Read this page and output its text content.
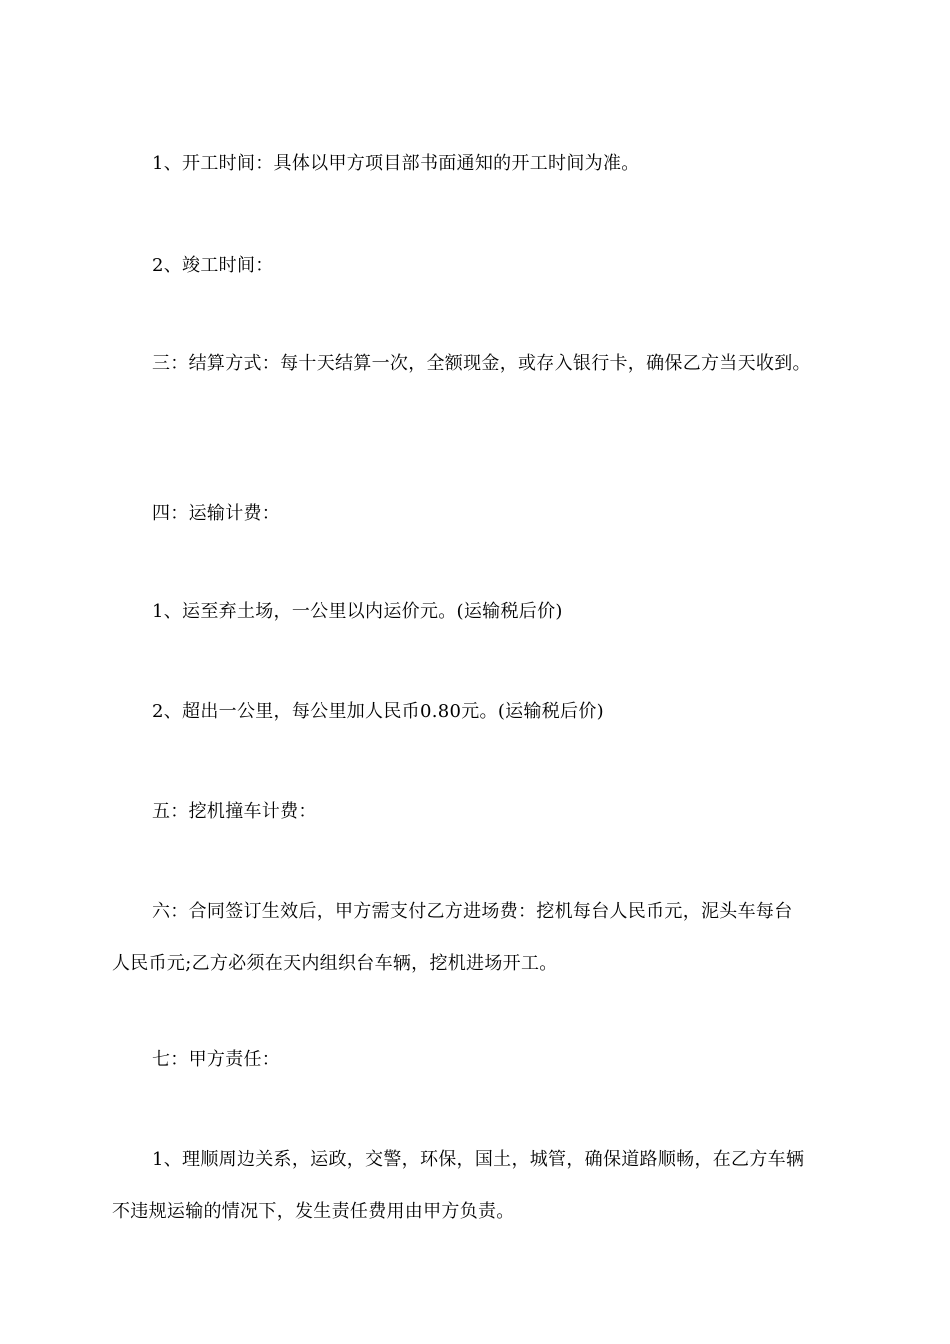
1、开工时间：具体以甲方项目部书面通知的开工时间为准。

2、竣工时间：

三：结算方式：每十天结算一次，全额现金，或存入银行卡，确保乙方当天收到。

四：运输计费：

1、运至弃土场，一公里以内运价元。(运输税后价)

2、超出一公里，每公里加人民币0.80元。(运输税后价)

五：挖机撞车计费：

六：合同签订生效后，甲方需支付乙方进场费：挖机每台人民币元，泥头车每台
人民币元;乙方必须在天内组织台车辆，挖机进场开工。

七：甲方责任：

1、理顺周边关系，运政，交警，环保，国土，城管，确保道路顺畅，在乙方车辆
不违规运输的情况下，发生责任费用由甲方负责。
